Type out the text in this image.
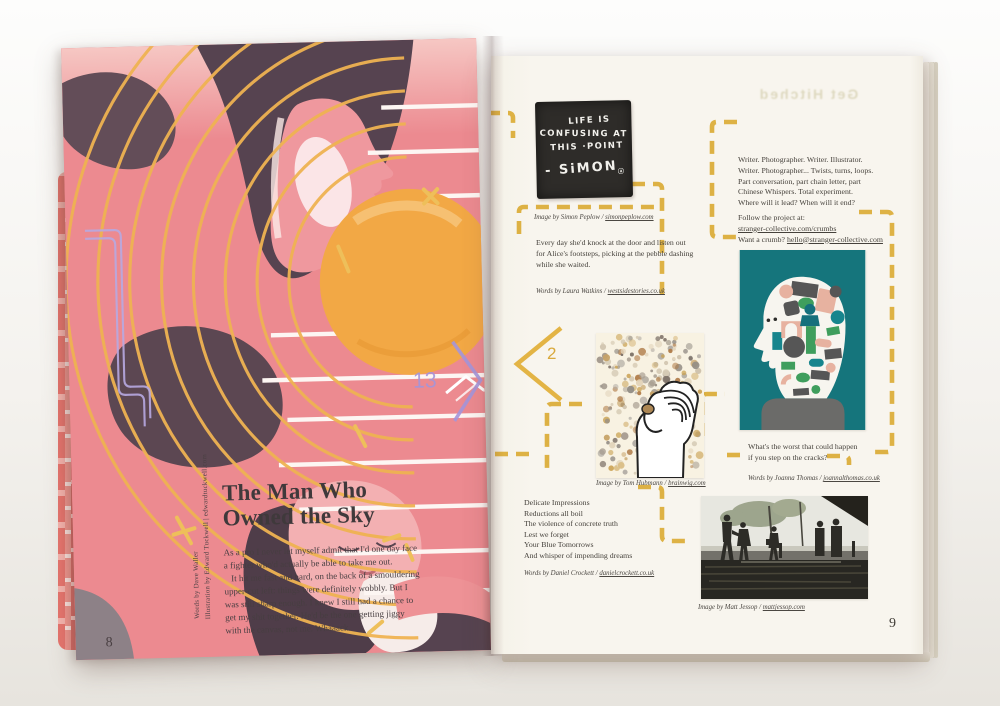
13
The Man Who
Owned the Sky

As a pro I never let myself admit that I'd one day face a fighter who'd actually be able to take me out.

It hit me fast and hard, on the back of a smouldering upper-cut left: things were definitely wobbly. But I was still sharp enough. I knew I still had a chance to get my shit together. He'd be the one getting jiggy with the canvas, not me. Whaaack.

Words by Dave Waller Illustration by Edward Tuckwell | edwardtuckwell.com
8
Get Hitched
LIFE IS
CONFUSING AT
THIS ·POINT
- SiMON$_ⓐ$
Image by Simon Peplow / simonpeplow.com
Every day she'd knock at the door and listen out for Alice's footsteps, picking at the pebble dashing while she waited.
Words by Laura Watkins / westsidestories.co.uk
Writer. Photographer. Writer. Illustrator.
Writer. Photographer... Twists, turns, loops.
Part conversation, part chain letter, part
Chinese Whispers. Total experiment.
Where will it lead? When will it end?
Follow the project at:
stranger-collective.com/crumbs
Want a crumb? hello@stranger-collective.com
What's the worst that could happen
if you step on the cracks?
Words by Joanna Thomas / joannalthomas.co.uk
2
Image by Tom Hubmann / brainwig.com
Delicate Impressions
Reductions all boil
The violence of concrete truth
Lest we forget
Your Blue Tomorrows
And whisper of impending dreams
Words by Daniel Crockett / danielcrockett.co.uk
Image by Matt Jessop / mattjessop.com
9
